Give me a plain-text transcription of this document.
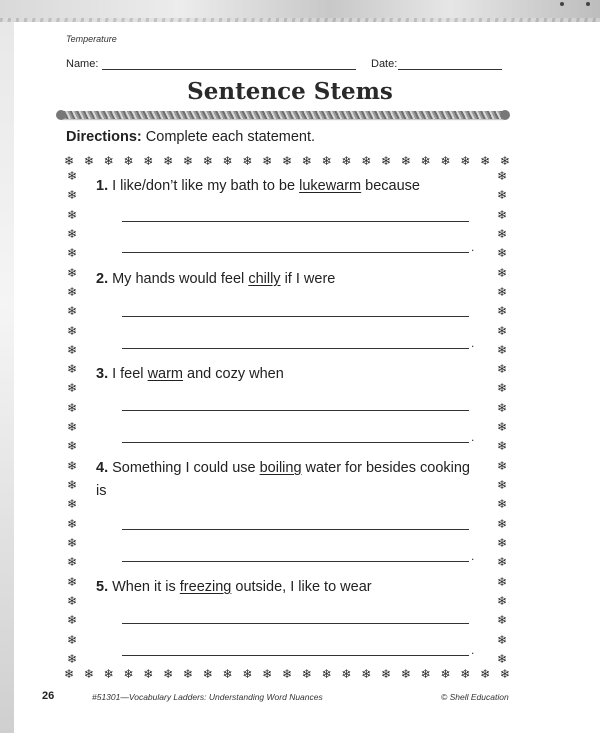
Temperature
Name:	Date:
Sentence Stems
Directions: Complete each statement.
❄ ❄ ❄ ❄ ❄ ❄ ❄ ❄ ❄ ❄ ❄ ❄ ❄ ❄ ❄ ❄ ❄ ❄ ❄ ❄ ❄ ❄ ❄
❄ ❄ ❄ ❄ ❄ ❄ ❄ ❄ ❄ ❄ ❄ ❄ ❄ ❄ ❄ ❄ ❄ ❄ ❄ ❄ ❄ ❄ ❄
❄
❄
❄
❄
❄
❄
❄
❄
❄
❄
❄
❄
❄
❄
❄
❄
❄
❄
❄
❄
❄
❄
❄
❄
❄
❄
❄
❄
❄
❄
❄
❄
❄
❄
❄
❄
❄
❄
❄
❄
❄
❄
❄
❄
❄
❄
❄
❄
❄
❄
❄
❄
1. I like/don’t like my bath to be lukewarm because
.
2. My hands would feel chilly if I were
.
3. I feel warm and cozy when
.
4. Something I could use boiling water for besides cooking is
.
5. When it is freezing outside, I like to wear
.
26	#51301—Vocabulary Ladders: Understanding Word Nuances	© Shell Education
